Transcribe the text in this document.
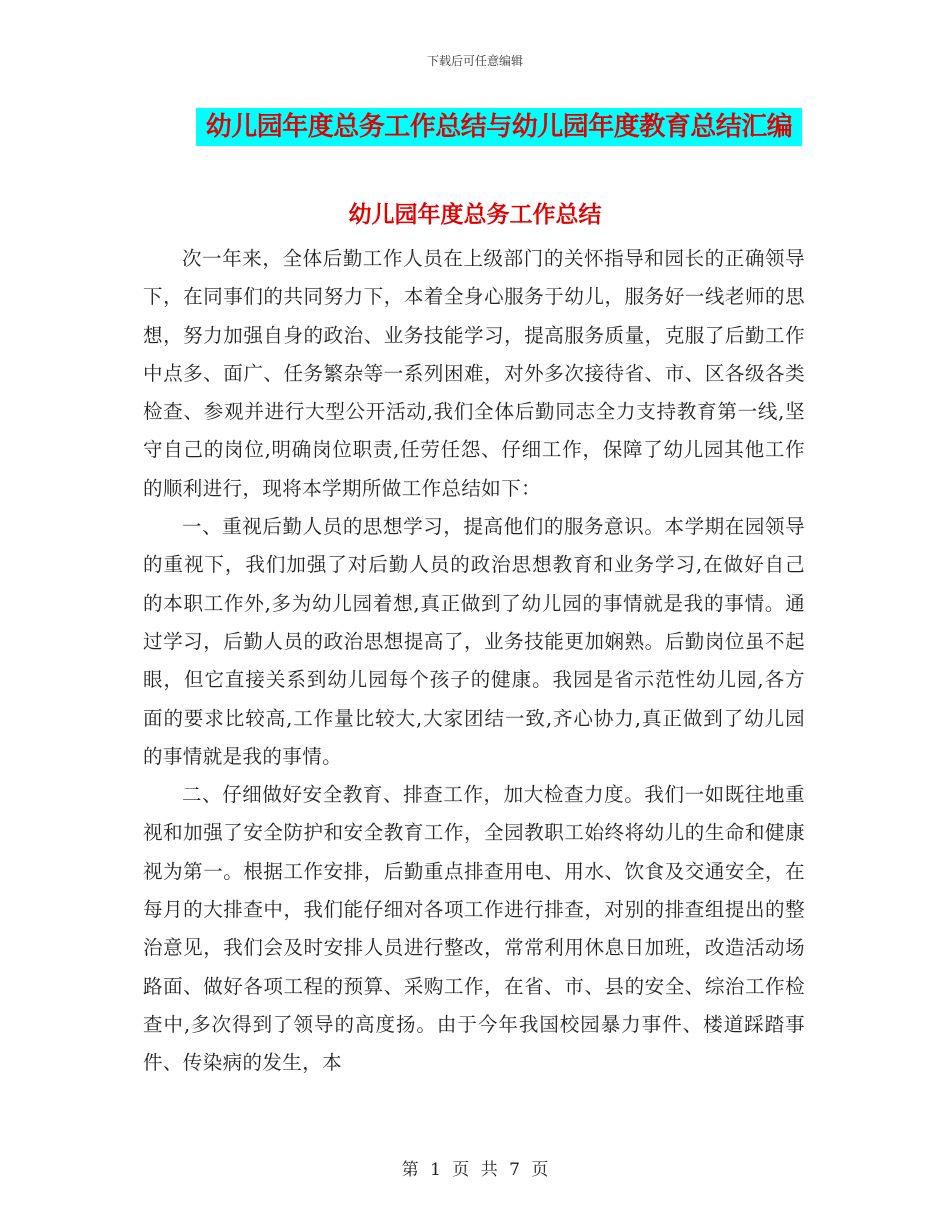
下载后可任意编辑
幼儿园年度总务工作总结与幼儿园年度教育总结汇编
幼儿园年度总务工作总结

次一年来，全体后勤工作人员在上级部门的关怀指导和园长的正确领导下，在同事们的共同努力下，本着全身心服务于幼儿，服务好一线老师的思想，努力加强自身的政治、业务技能学习，提高服务质量，克服了后勤工作中点多、面广、任务繁杂等一系列困难，对外多次接待省、市、区各级各类检查、参观并进行大型公开活动,我们全体后勤同志全力支持教育第一线,坚守自己的岗位,明确岗位职责,任劳任怨、仔细工作，保障了幼儿园其他工作的顺利进行，现将本学期所做工作总结如下：

一、重视后勤人员的思想学习，提高他们的服务意识。本学期在园领导的重视下，我们加强了对后勤人员的政治思想教育和业务学习,在做好自己的本职工作外,多为幼儿园着想,真正做到了幼儿园的事情就是我的事情。通过学习，后勤人员的政治思想提高了，业务技能更加娴熟。后勤岗位虽不起眼，但它直接关系到幼儿园每个孩子的健康。我园是省示范性幼儿园,各方面的要求比较高,工作量比较大,大家团结一致,齐心协力,真正做到了幼儿园的事情就是我的事情。

二、仔细做好安全教育、排查工作，加大检查力度。我们一如既往地重视和加强了安全防护和安全教育工作，全园教职工始终将幼儿的生命和健康视为第一。根据工作安排，后勤重点排查用电、用水、饮食及交通安全，在每月的大排查中，我们能仔细对各项工作进行排查，对别的排查组提出的整治意见，我们会及时安排人员进行整改，常常利用休息日加班，改造活动场路面、做好各项工程的预算、采购工作，在省、市、县的安全、综治工作检查中,多次得到了领导的高度扬。由于今年我国校园暴力事件、楼道踩踏事件、传染病的发生，本

第 1 页 共 7 页
